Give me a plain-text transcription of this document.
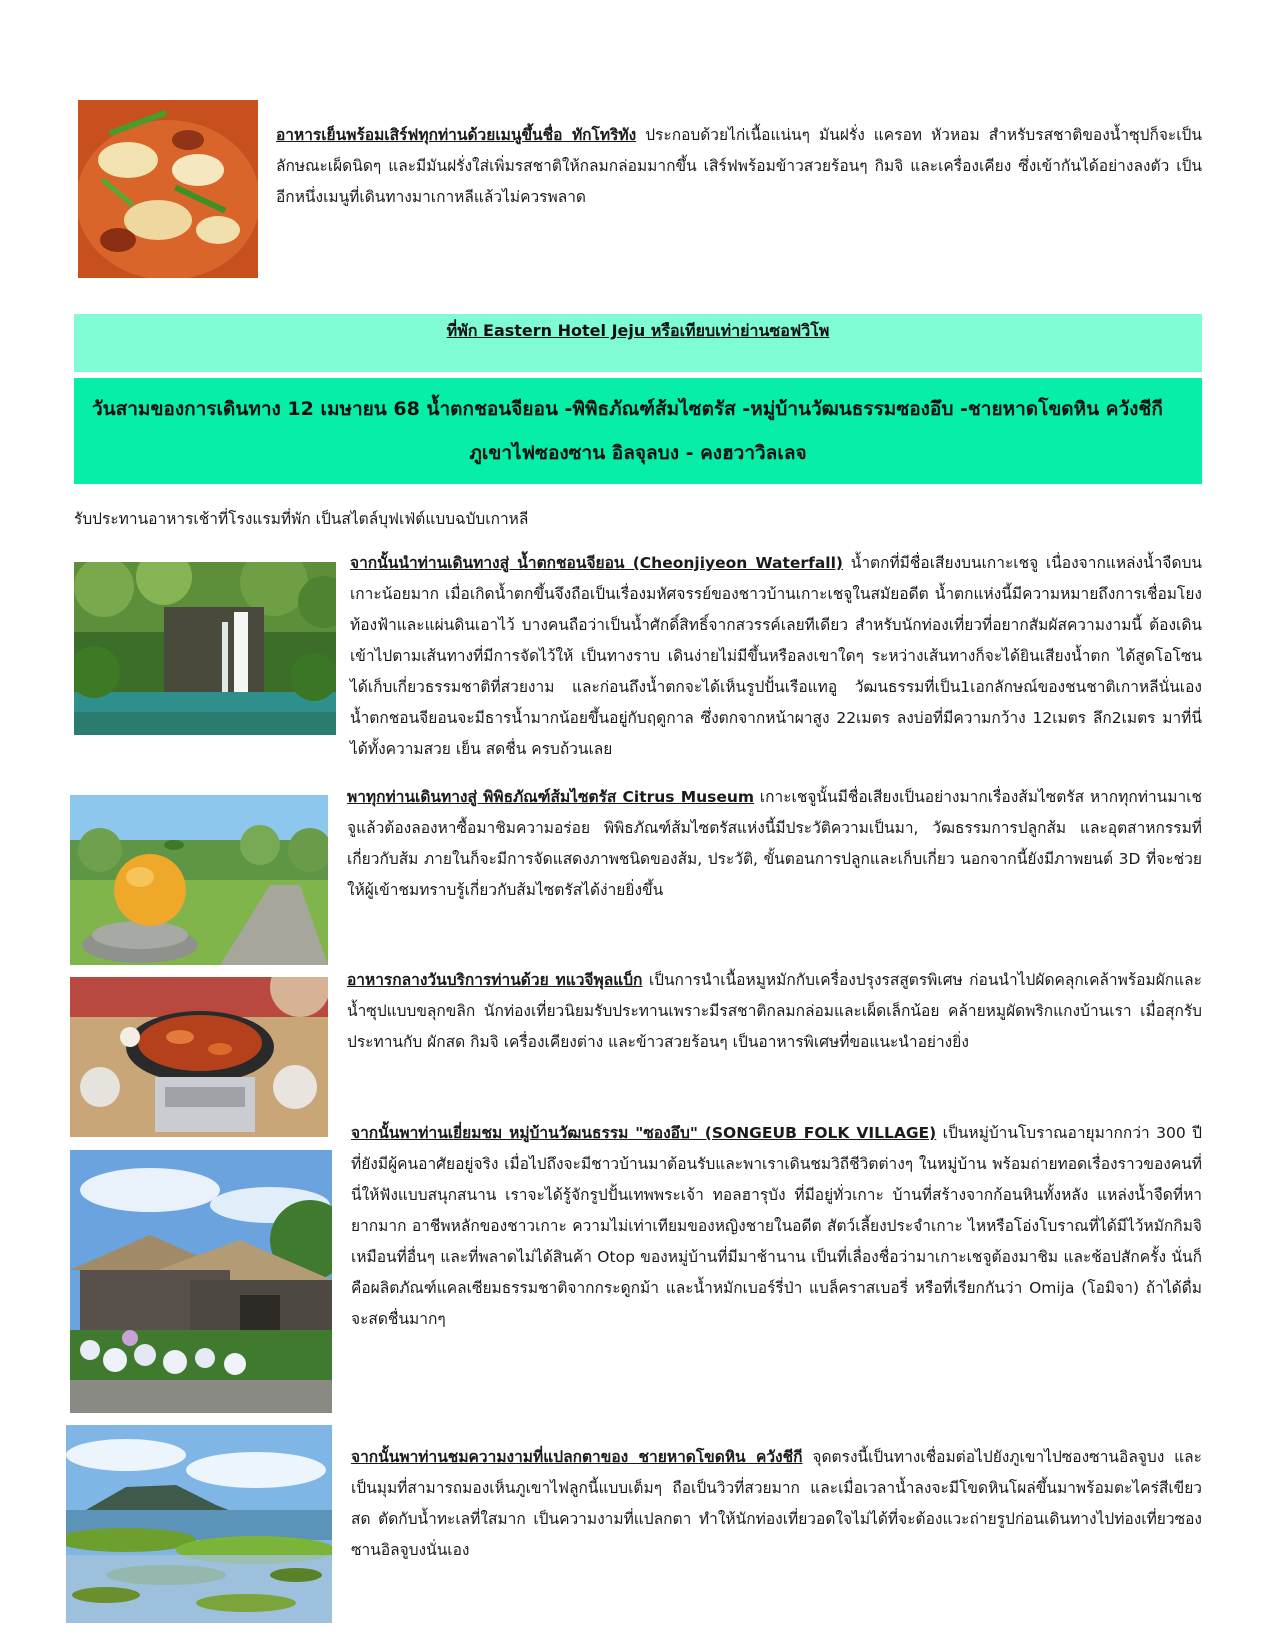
อาหารเย็นพร้อมเสิร์ฟทุกท่านด้วยเมนูขึ้นชื่อ ทักโทริทัง ประกอบด้วยไก่เนื้อแน่นๆ มันฝรั่ง แครอท หัวหอม สำหรับรสชาติของน้ำซุปก็จะเป็นลักษณะเผ็ดนิดๆ และมีมันฝรั่งใส่เพิ่มรสชาติให้กลมกล่อมมากขึ้น เสิร์ฟพร้อมข้าวสวยร้อนๆ กิมจิ และเครื่องเคียง ซึ่งเข้ากันได้อย่างลงตัว เป็นอีกหนึ่งเมนูที่เดินทางมาเกาหลีแล้วไม่ควรพลาด
ที่พัก Eastern Hotel Jeju หรือเทียบเท่าย่านซอฟวิโพ
วันสามของการเดินทาง 12 เมษายน 68 น้ำตกชอนจียอน -พิพิธภัณฑ์ส้มไซตรัส -หมู่บ้านวัฒนธรรมซองอึบ -ชายหาดโขดหิน ควังชีกี
ภูเขาไฟซองซาน อิลจุลบง - คงฮวาวิลเลจ
รับประทานอาหารเช้าที่โรงแรมที่พัก เป็นสไตล์บุฟเฟ่ต์แบบฉบับเกาหลี
จากนั้นนำท่านเดินทางสู่ น้ำตกชอนจียอน (Cheonjiyeon Waterfall) น้ำตกที่มีชื่อเสียงบนเกาะเชจู เนื่องจากแหล่งน้ำจืดบนเกาะน้อยมาก เมื่อเกิดน้ำตกขึ้นจึงถือเป็นเรื่องมหัศจรรย์ของชาวบ้านเกาะเชจูในสมัยอดีต น้ำตกแห่งนี้มีความหมายถึงการเชื่อมโยงท้องฟ้าและแผ่นดินเอาไว้ บางคนถือว่าเป็นน้ำศักดิ์สิทธิ์จากสวรรค์เลยทีเดียว สำหรับนักท่องเที่ยวที่อยากสัมผัสความงามนี้ ต้องเดินเข้าไปตามเส้นทางที่มีการจัดไว้ให้ เป็นทางราบ เดินง่ายไม่มีขึ้นหรือลงเขาใดๆ ระหว่างเส้นทางก็จะได้ยินเสียงน้ำตก ได้สูดโอโซน ได้เก็บเกี่ยวธรรมชาติที่สวยงาม และก่อนถึงน้ำตกจะได้เห็นรูปปั้นเรือแทอู วัฒนธรรมที่เป็น1เอกลักษณ์ของชนชาติเกาหลีนั่นเอง น้ำตกชอนจียอนจะมีธารน้ำมากน้อยขึ้นอยู่กับฤดูกาล ซึ่งตกจากหน้าผาสูง 22เมตร ลงบ่อที่มีความกว้าง 12เมตร ลึก2เมตร มาที่นี่ได้ทั้งความสวย เย็น สดชื่น ครบถ้วนเลย
พาทุกท่านเดินทางสู่ พิพิธภัณฑ์ส้มไซตรัส Citrus Museum เกาะเชจูนั้นมีชื่อเสียงเป็นอย่างมากเรื่องส้มไซตรัส หากทุกท่านมาเชจูแล้วต้องลองหาซื้อมาชิมความอร่อย พิพิธภัณฑ์ส้มไซตรัสแห่งนี้มีประวัติความเป็นมา, วัฒธรรมการปลูกส้ม และอุตสาหกรรมที่เกี่ยวกับส้ม ภายในก็จะมีการจัดแสดงภาพชนิดของส้ม, ประวัติ, ขั้นตอนการปลูกและเก็บเกี่ยว นอกจากนี้ยังมีภาพยนต์ 3D ที่จะช่วยให้ผู้เข้าชมทราบรู้เกี่ยวกับส้มไซตรัสได้ง่ายยิ่งขึ้น
อาหารกลางวันบริการท่านด้วย ทแวจีพุลแบ็ก เป็นการนำเนื้อหมูหมักกับเครื่องปรุงรสสูตรพิเศษ ก่อนนำไปผัดคลุกเคล้าพร้อมผักและน้ำซุปแบบขลุกขลิก นักท่องเที่ยวนิยมรับประทานเพราะมีรสชาติกลมกล่อมและเผ็ดเล็กน้อย คล้ายหมูผัดพริกแกงบ้านเรา เมื่อสุกรับประทานกับ ผักสด กิมจิ เครื่องเคียงต่าง และข้าวสวยร้อนๆ เป็นอาหารพิเศษที่ขอแนะนำอย่างยิ่ง
จากนั้นพาท่านเยี่ยมชม หมู่บ้านวัฒนธรรม "ซองอึบ" (SONGEUB FOLK VILLAGE) เป็นหมู่บ้านโบราณอายุมากกว่า 300 ปี ที่ยังมีผู้คนอาศัยอยู่จริง เมื่อไปถึงจะมีชาวบ้านมาต้อนรับและพาเราเดินชมวิถีชีวิตต่างๆ ในหมู่บ้าน พร้อมถ่ายทอดเรื่องราวของคนที่นี่ให้ฟังแบบสนุกสนาน เราจะได้รู้จักรูปปั้นเทพพระเจ้า ทอลฮารุบัง ที่มีอยู่ทั่วเกาะ บ้านที่สร้างจากก้อนหินทั้งหลัง แหล่งน้ำจืดที่หายากมาก อาชีพหลักของชาวเกาะ ความไม่เท่าเทียมของหญิงชายในอดีต สัตว์เลี้ยงประจำเกาะ ไหหรือโอ่งโบราณที่ได้มีไว้หมักกิมจิ เหมือนที่อื่นๆ และที่พลาดไม่ได้สินค้า Otop ของหมู่บ้านที่มีมาช้านาน เป็นที่เลื่องชื่อว่ามาเกาะเชจูต้องมาชิม และช้อปสักครั้ง นั่นก็คือผลิตภัณฑ์แคลเซียมธรรมชาติจากกระดูกม้า และน้ำหมักเบอร์รี่ป่า แบล็คราสเบอรี่ หรือที่เรียกกันว่า Omija (โอมิจา) ถ้าได้ดื่มจะสดชื่นมากๆ
จากนั้นพาท่านชมความงามที่แปลกตาของ ชายหาดโขดหิน ควังชีกี จุดตรงนี้เป็นทางเชื่อมต่อไปยังภูเขาไปซองซานอิลจูบง และเป็นมุมที่สามารถมองเห็นภูเขาไฟลูกนี้แบบเต็มๆ ถือเป็นวิวที่สวยมาก และเมื่อเวลาน้ำลงจะมีโขดหินโผล่ขึ้นมาพร้อมตะไคร่สีเขียวสด ตัดกับน้ำทะเลที่ใสมาก เป็นความงามที่แปลกตา ทำให้นักท่องเที่ยวอดใจไม่ได้ที่จะต้องแวะถ่ายรูปก่อนเดินทางไปท่องเที่ยวซองซานอิลจูบงนั่นเอง
